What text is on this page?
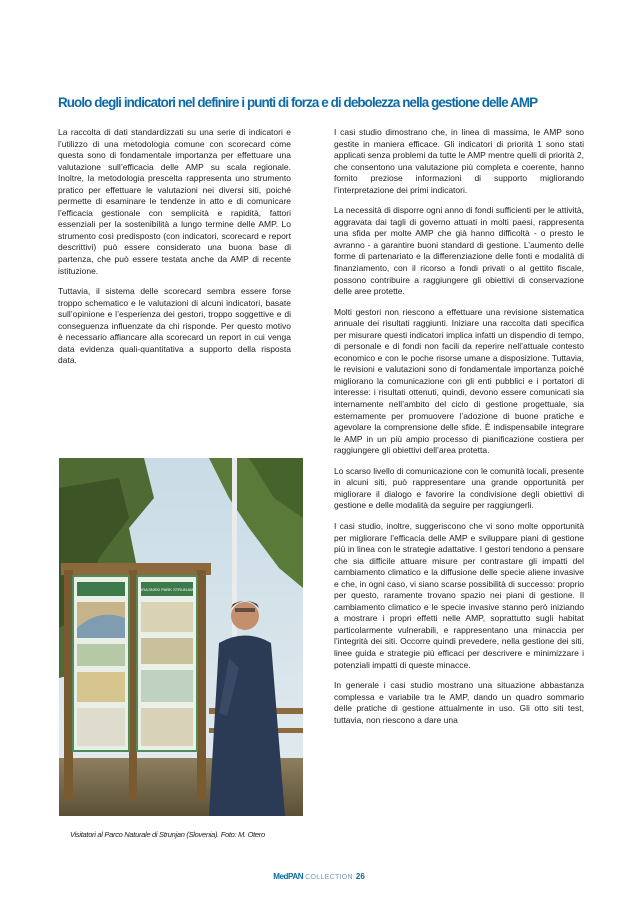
Ruolo degli indicatori nel definire i punti di forza e di debolezza nella gestione delle AMP

La raccolta di dati standardizzati su una serie di indicatori e l’utilizzo di una metodologia comune con scorecard come questa sono di fondamentale importanza per effettuare una valutazione sull’efficacia delle AMP su scala regionale. Inoltre, la metodologia prescelta rappresenta uno strumento pratico per effettuare le valutazioni nei diversi siti, poiché permette di esaminare le tendenze in atto e di comunicare l’efficacia gestionale con semplicità e rapidità, fattori essenziali per la sostenibilità a lungo termine delle AMP. Lo strumento così predisposto (con indicatori, scorecard e report descrittivi) può essere considerato una buona base di partenza, che può essere testata anche da AMP di recente istituzione.

Tuttavia, il sistema delle scorecard sembra essere forse troppo schematico e le valutazioni di alcuni indicatori, basate sull’opinione e l’esperienza dei gestori, troppo soggettive e di conseguenza influenzate da chi risponde. Per questo motivo è necessario affiancare alla scorecard un report in cui venga data evidenza quali-quantitativa a supporto della risposta data.

I casi studio dimostrano che, in linea di massima, le AMP sono gestite in maniera efficace. Gli indicatori di priorità 1 sono stati applicati senza problemi da tutte le AMP mentre quelli di priorità 2, che consentono una valutazione più completa e coerente, hanno fornito preziose informazioni di supporto migliorando l’interpretazione dei primi indicatori.

La necessità di disporre ogni anno di fondi sufficienti per le attività, aggravata dai tagli di governo attuati in molti paesi, rappresenta una sfida per molte AMP che già hanno difficoltà - o presto le avranno - a garantire buoni standard di gestione. L’aumento delle forme di partenariato e la differenziazione delle fonti e modalità di finanziamento, con il ricorso a fondi privati o al gettito fiscale, possono contribuire a raggiungere gli obiettivi di conservazione delle aree protette.

Molti gestori non riescono a effettuare una revisione sistematica annuale dei risultati raggiunti. Iniziare una raccolta dati specifica per misurare questi indicatori implica infatti un dispendio di tempo, di personale e di fondi non facili da reperire nell’attuale contesto economico e con le poche risorse umane a disposizione. Tuttavia, le revisioni e valutazioni sono di fondamentale importanza poiché migliorano la comunicazione con gli enti pubblici e i portatori di interesse: i risultati ottenuti, quindi, devono essere comunicati sia internamente nell’ambito del ciclo di gestione progettuale, sia esternamente per promuovere l’adozione di buone pratiche e agevolare la comprensione delle sfide. È indispensabile integrare le AMP in un più ampio processo di pianificazione costiera per raggiungere gli obiettivi dell’area protetta.

Lo scarso livello di comunicazione con le comunità locali, presente in alcuni siti, può rappresentare una grande opportunità per migliorare il dialogo e favorire la condivisione degli obiettivi di gestione e delle modalità da seguire per raggiungerli.

I casi studio, inoltre, suggeriscono che vi sono molte opportunità per migliorare l’efficacia delle AMP e sviluppare piani di gestione più in linea con le strategie adattative. I gestori tendono a pensare che sia difficile attuare misure per contrastare gli impatti del cambiamento climatico e la diffusione delle specie aliene invasive e che, in ogni caso, vi siano scarse possibilità di successo: proprio per questo, raramente trovano spazio nei piani di gestione. Il cambiamento climatico e le specie invasive stanno però iniziando a mostrare i propri effetti nelle AMP, soprattutto sugli habitat particolarmente vulnerabili, e rappresentano una minaccia per l’integrità dei siti. Occorre quindi prevedere, nella gestione dei siti, linee guida e strategie più efficaci per descrivere e minimizzare i potenziali impatti di queste minacce.

In generale i casi studio mostrano una situazione abbastanza complessa e variabile tra le AMP, dando un quadro sommario delle pratiche di gestione attualmente in uso. Gli otto siti test, tuttavia, non riescono a dare una

KRAJINSKI PARK STRUNJAN
Visitatori al Parco Naturale di Strunjan (Slovenia). Foto: M. Otero
MedPAN COLLECTION 26
